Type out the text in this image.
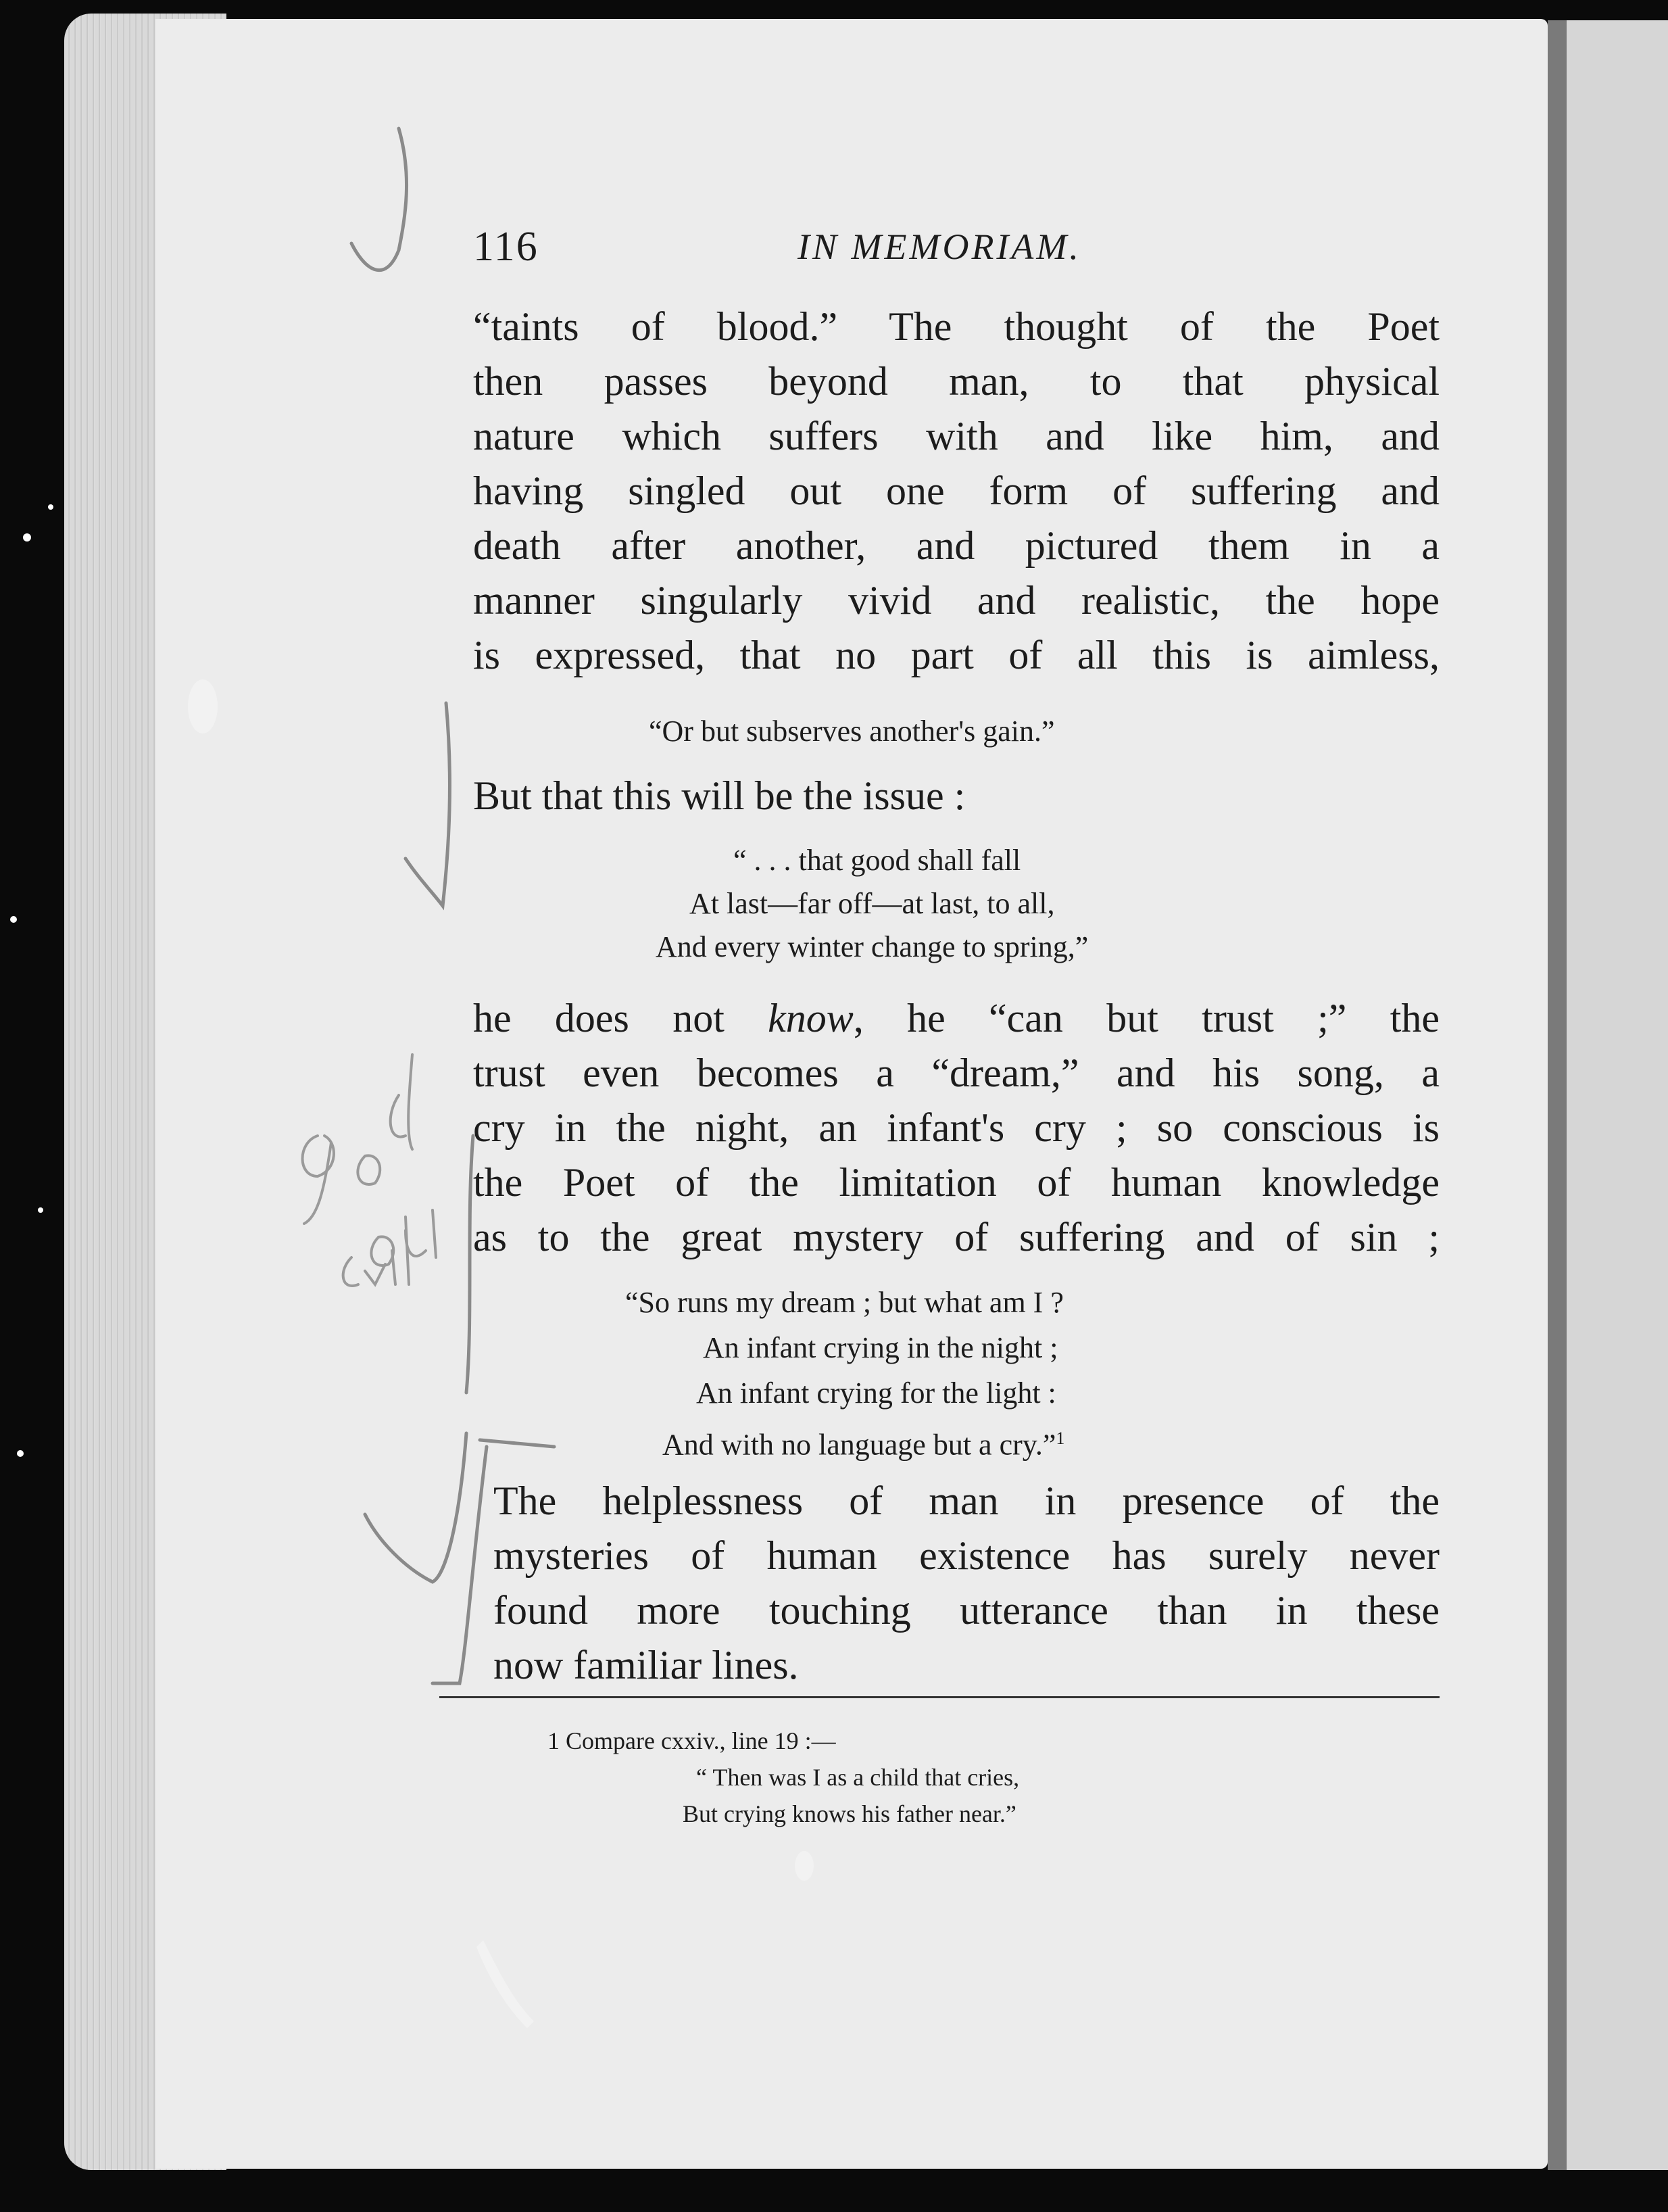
116	IN MEMORIAM.
“taints of blood.” The thought of the Poet
then passes beyond man, to that physical
nature which suffers with and like him, and
having singled out one form of suffering and
death after another, and pictured them in a
manner singularly vivid and realistic, the hope
is expressed, that no part of all this is aimless,
“Or but subserves another's gain.”
But that this will be the issue :
“ . . . that good shall fall
At last—far off—at last, to all,
And every winter change to spring,”
he does not know, he “can but trust ;” the
trust even becomes a “dream,” and his song, a
cry in the night, an infant's cry ; so conscious is
the Poet of the limitation of human knowledge
as to the great mystery of suffering and of sin ;
“So runs my dream ; but what am I ?
An infant crying in the night ;
An infant crying for the light :
And with no language but a cry.”$^1$
The helplessness of man in presence of the
mysteries of human existence has surely never
found more touching utterance than in these
now familiar lines.
1 Compare cxxiv., line 19 :—
“ Then was I as a child that cries,
But crying knows his father near.”
